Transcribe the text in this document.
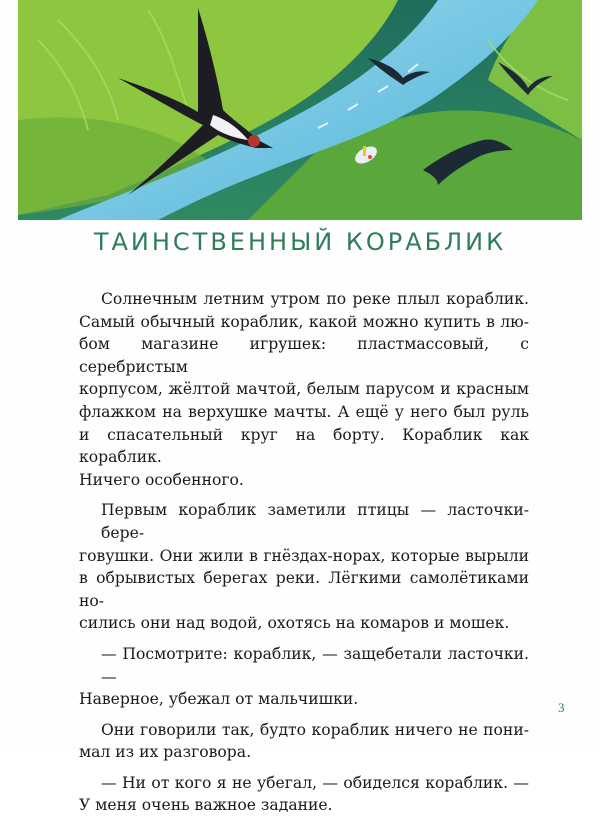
ТАИНСТВЕННЫЙ КОРАБЛИК

Солнечным летним утром по реке плыл кораблик.
Самый обычный кораблик, какой можно купить в лю-
бом магазине игрушек: пластмассовый, с серебристым
корпусом, жёлтой мачтой, белым парусом и красным
флажком на верхушке мачты. А ещё у него был руль
и спасательный круг на борту. Кораблик как кораблик.
Ничего особенного.

Первым кораблик заметили птицы — ласточки-бере-
говушки. Они жили в гнёздах-норах, которые вырыли
в обрывистых берегах реки. Лёгкими самолётиками но-
сились они над водой, охотясь на комаров и мошек.

— Посмотрите: кораблик, — защебетали ласточки. —
Наверное, убежал от мальчишки.

Они говорили так, будто кораблик ничего не пони-
мал из их разговора.

— Ни от кого я не убегал, — обиделся кораблик. —
У меня очень важное задание.

3
